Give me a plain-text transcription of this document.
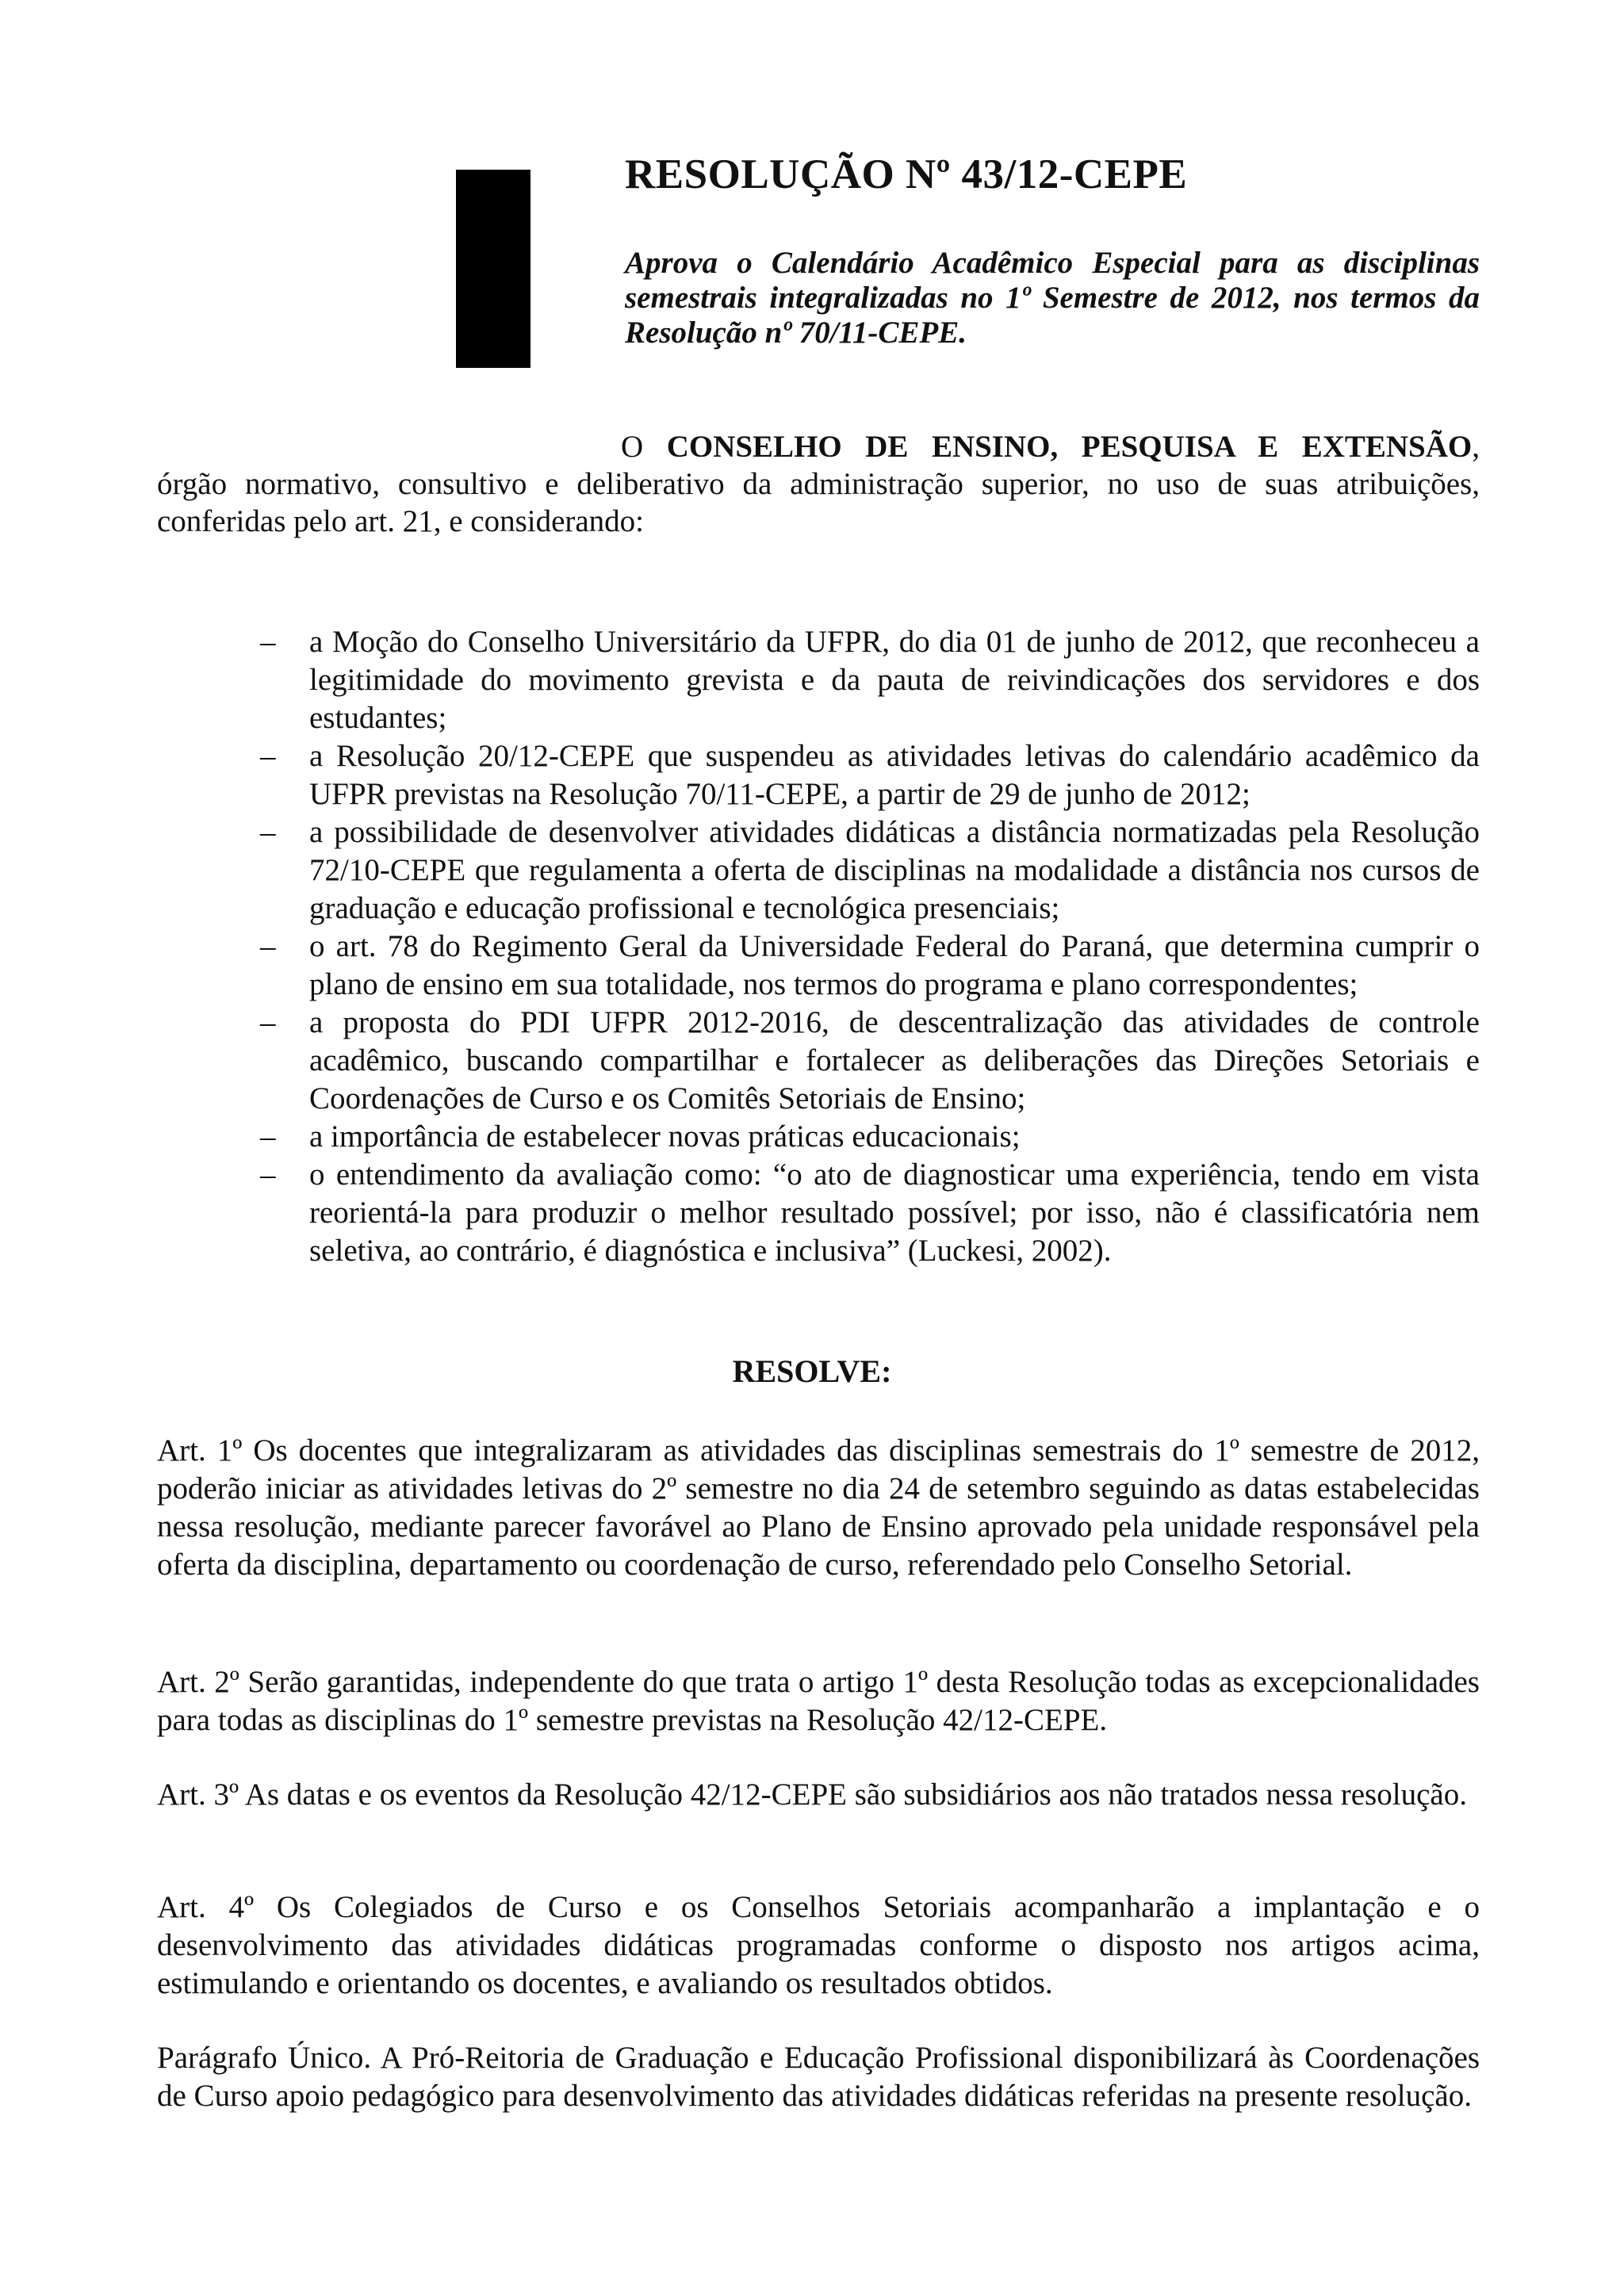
RESOLUÇÃO Nº 43/12-CEPE
Aprova o Calendário Acadêmico Especial para as disciplinas semestrais integralizadas no 1º Semestre de 2012, nos termos da Resolução nº 70/11-CEPE.
O CONSELHO DE ENSINO, PESQUISA E EXTENSÃO,
órgão normativo, consultivo e deliberativo da administração superior, no uso de suas atribuições, conferidas pelo art. 21, e considerando:
– a Moção do Conselho Universitário da UFPR, do dia 01 de junho de 2012, que reconheceu a legitimidade do movimento grevista e da pauta de reivindicações dos servidores e dos estudantes;
– a Resolução 20/12-CEPE que suspendeu as atividades letivas do calendário acadêmico da UFPR previstas na Resolução 70/11-CEPE, a partir de 29 de junho de 2012;
– a possibilidade de desenvolver atividades didáticas a distância normatizadas pela Resolução 72/10-CEPE que regulamenta a oferta de disciplinas na modalidade a distância nos cursos de graduação e educação profissional e tecnológica presenciais;
– o art. 78 do Regimento Geral da Universidade Federal do Paraná, que determina cumprir o plano de ensino em sua totalidade, nos termos do programa e plano correspondentes;
– a proposta do PDI UFPR 2012-2016, de descentralização das atividades de controle acadêmico, buscando compartilhar e fortalecer as deliberações das Direções Setoriais e Coordenações de Curso e os Comitês Setoriais de Ensino;
– a importância de estabelecer novas práticas educacionais;
– o entendimento da avaliação como: “o ato de diagnosticar uma experiência, tendo em vista reorientá-la para produzir o melhor resultado possível; por isso, não é classificatória nem seletiva, ao contrário, é diagnóstica e inclusiva” (Luckesi, 2002).
RESOLVE:
Art. 1º Os docentes que integralizaram as atividades das disciplinas semestrais do 1º semestre de 2012, poderão iniciar as atividades letivas do 2º semestre no dia 24 de setembro seguindo as datas estabelecidas nessa resolução, mediante parecer favorável ao Plano de Ensino aprovado pela unidade responsável pela oferta da disciplina, departamento ou coordenação de curso, referendado pelo Conselho Setorial.
Art. 2º Serão garantidas, independente do que trata o artigo 1º desta Resolução todas as excepcionalidades para todas as disciplinas do 1º semestre previstas na Resolução 42/12-CEPE.
Art. 3º As datas e os eventos da Resolução 42/12-CEPE são subsidiários aos não tratados nessa resolução.
Art. 4º Os Colegiados de Curso e os Conselhos Setoriais acompanharão a implantação e o desenvolvimento das atividades didáticas programadas conforme o disposto nos artigos acima, estimulando e orientando os docentes, e avaliando os resultados obtidos.
Parágrafo Único. A Pró-Reitoria de Graduação e Educação Profissional disponibilizará às Coordenações de Curso apoio pedagógico para desenvolvimento das atividades didáticas referidas na presente resolução.
